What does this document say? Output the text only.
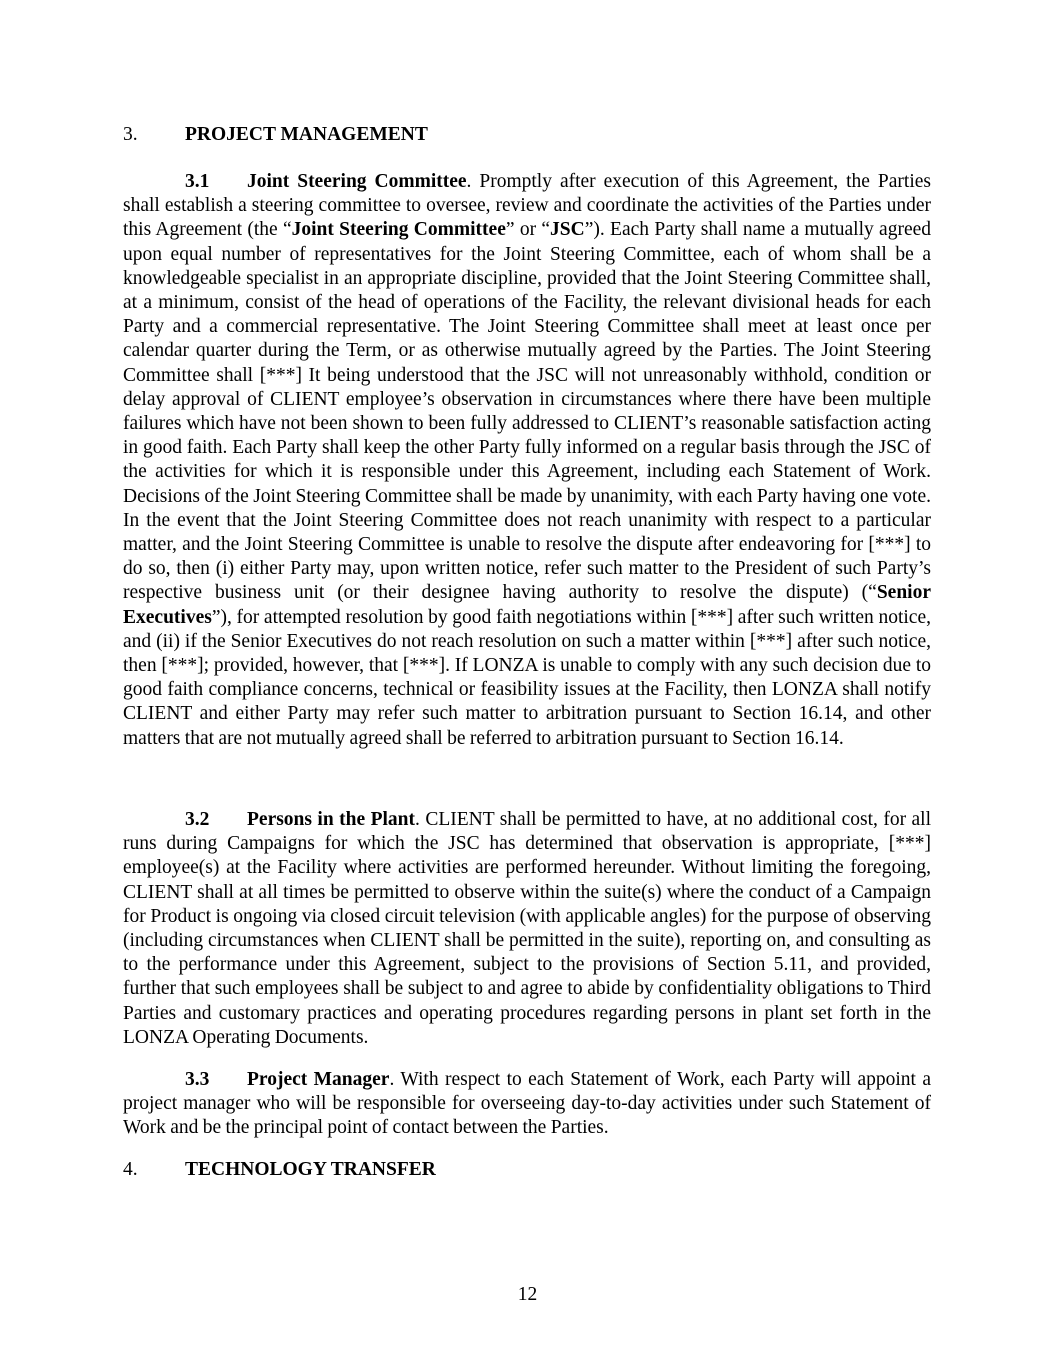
3. PROJECT MANAGEMENT

3.1 Joint Steering Committee. Promptly after execution of this Agreement, the Parties shall establish a steering committee to oversee, review and coordinate the activities of the Parties under this Agreement (the “Joint Steering Committee” or “JSC”). Each Party shall name a mutually agreed upon equal number of representatives for the Joint Steering Committee, each of whom shall be a knowledgeable specialist in an appropriate discipline, provided that the Joint Steering Committee shall, at a minimum, consist of the head of operations of the Facility, the relevant divisional heads for each Party and a commercial representative. The Joint Steering Committee shall meet at least once per calendar quarter during the Term, or as otherwise mutually agreed by the Parties. The Joint Steering Committee shall [***] It being understood that the JSC will not unreasonably withhold, condition or delay approval of CLIENT employee’s observation in circumstances where there have been multiple failures which have not been shown to been fully addressed to CLIENT’s reasonable satisfaction acting in good faith. Each Party shall keep the other Party fully informed on a regular basis through the JSC of the activities for which it is responsible under this Agreement, including each Statement of Work. Decisions of the Joint Steering Committee shall be made by unanimity, with each Party having one vote. In the event that the Joint Steering Committee does not reach unanimity with respect to a particular matter, and the Joint Steering Committee is unable to resolve the dispute after endeavoring for [***] to do so, then (i) either Party may, upon written notice, refer such matter to the President of such Party’s respective business unit (or their designee having authority to resolve the dispute) (“Senior Executives”), for attempted resolution by good faith negotiations within [***] after such written notice, and (ii) if the Senior Executives do not reach resolution on such a matter within [***] after such notice, then [***]; provided, however, that [***]. If LONZA is unable to comply with any such decision due to good faith compliance concerns, technical or feasibility issues at the Facility, then LONZA shall notify CLIENT and either Party may refer such matter to arbitration pursuant to Section 16.14, and other matters that are not mutually agreed shall be referred to arbitration pursuant to Section 16.14.

3.2 Persons in the Plant. CLIENT shall be permitted to have, at no additional cost, for all runs during Campaigns for which the JSC has determined that observation is appropriate, [***] employee(s) at the Facility where activities are performed hereunder. Without limiting the foregoing, CLIENT shall at all times be permitted to observe within the suite(s) where the conduct of a Campaign for Product is ongoing via closed circuit television (with applicable angles) for the purpose of observing (including circumstances when CLIENT shall be permitted in the suite), reporting on, and consulting as to the performance under this Agreement, subject to the provisions of Section 5.11, and provided, further that such employees shall be subject to and agree to abide by confidentiality obligations to Third Parties and customary practices and operating procedures regarding persons in plant set forth in the LONZA Operating Documents.

3.3 Project Manager. With respect to each Statement of Work, each Party will appoint a project manager who will be responsible for overseeing day-to-day activities under such Statement of Work and be the principal point of contact between the Parties.

4. TECHNOLOGY TRANSFER

12
